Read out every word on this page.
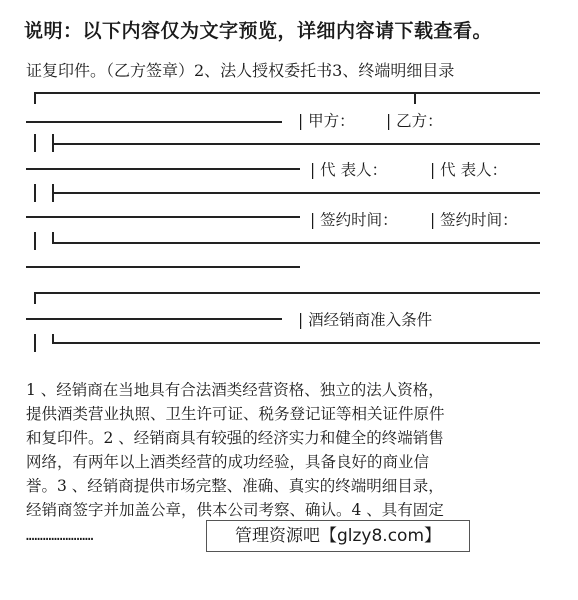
说明：以下内容仅为文字预览，详细内容请下载查看。
证复印件。（乙方签章）2、法人授权委托书3、终端明细目录
| 甲方： | 乙方：
| 代 表人：	| 代 表人：
| 签约时间： | 签约时间：
| 酒经销商准入条件
1 、经销商在当地具有合法酒类经营资格、独立的法人资格，
提供酒类营业执照、卫生许可证、税务登记证等相关证件原件
和复印件。2 、经销商具有较强的经济实力和健全的终端销售
网络，有两年以上酒类经营的成功经验，具备良好的商业信
誉。3 、经销商提供市场完整、准确、真实的终端明细目录，
经销商签字并加盖公章，供本公司考察、确认。4 、具有固定
……………………	管理资源吧【glzy8.com】
